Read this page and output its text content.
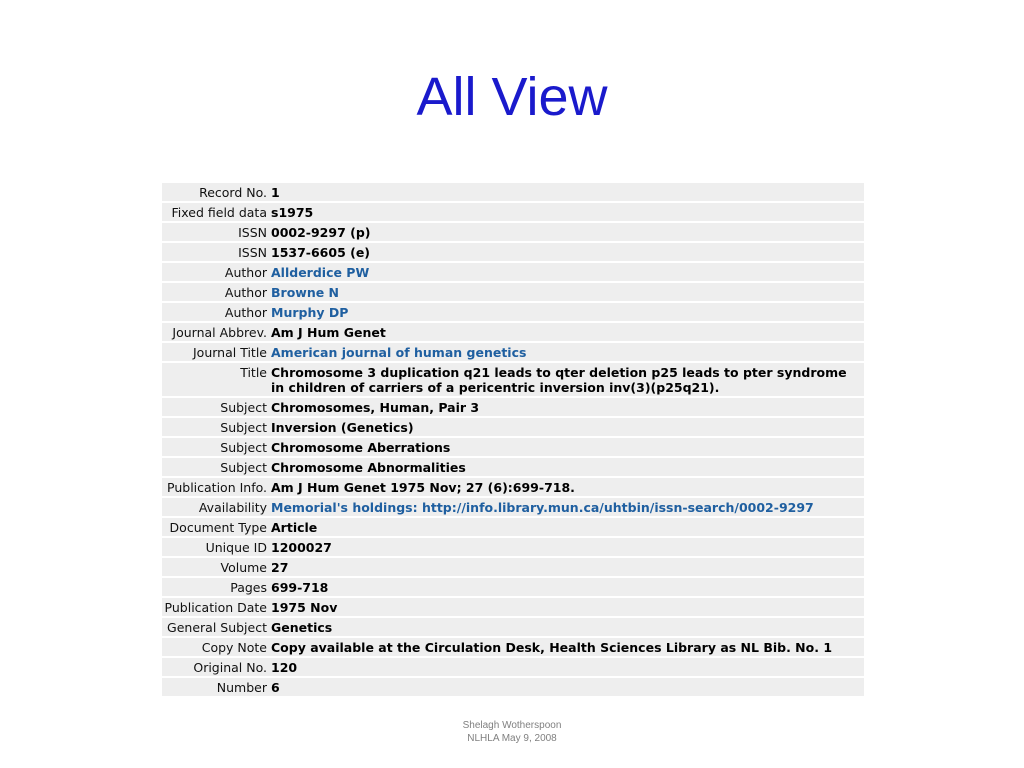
All View
Record No.	1
Fixed field data	s1975
ISSN	0002-9297 (p)
ISSN	1537-6605 (e)
Author	Allderdice PW
Author	Browne N
Author	Murphy DP
Journal Abbrev.	Am J Hum Genet
Journal Title	American journal of human genetics
Title	Chromosome 3 duplication q21 leads to qter deletion p25 leads to pter syndrome in children of carriers of a pericentric inversion inv(3)(p25q21).
Subject	Chromosomes, Human, Pair 3
Subject	Inversion (Genetics)
Subject	Chromosome Aberrations
Subject	Chromosome Abnormalities
Publication Info.	Am J Hum Genet 1975 Nov; 27 (6):699-718.
Availability	Memorial's holdings: http://info.library.mun.ca/uhtbin/issn-search/0002-9297
Document Type	Article
Unique ID	1200027
Volume	27
Pages	699-718
Publication Date	1975 Nov
General Subject	Genetics
Copy Note	Copy available at the Circulation Desk, Health Sciences Library as NL Bib. No. 1
Original No.	120
Number	6
Shelagh Wotherspoon
NLHLA May 9, 2008
